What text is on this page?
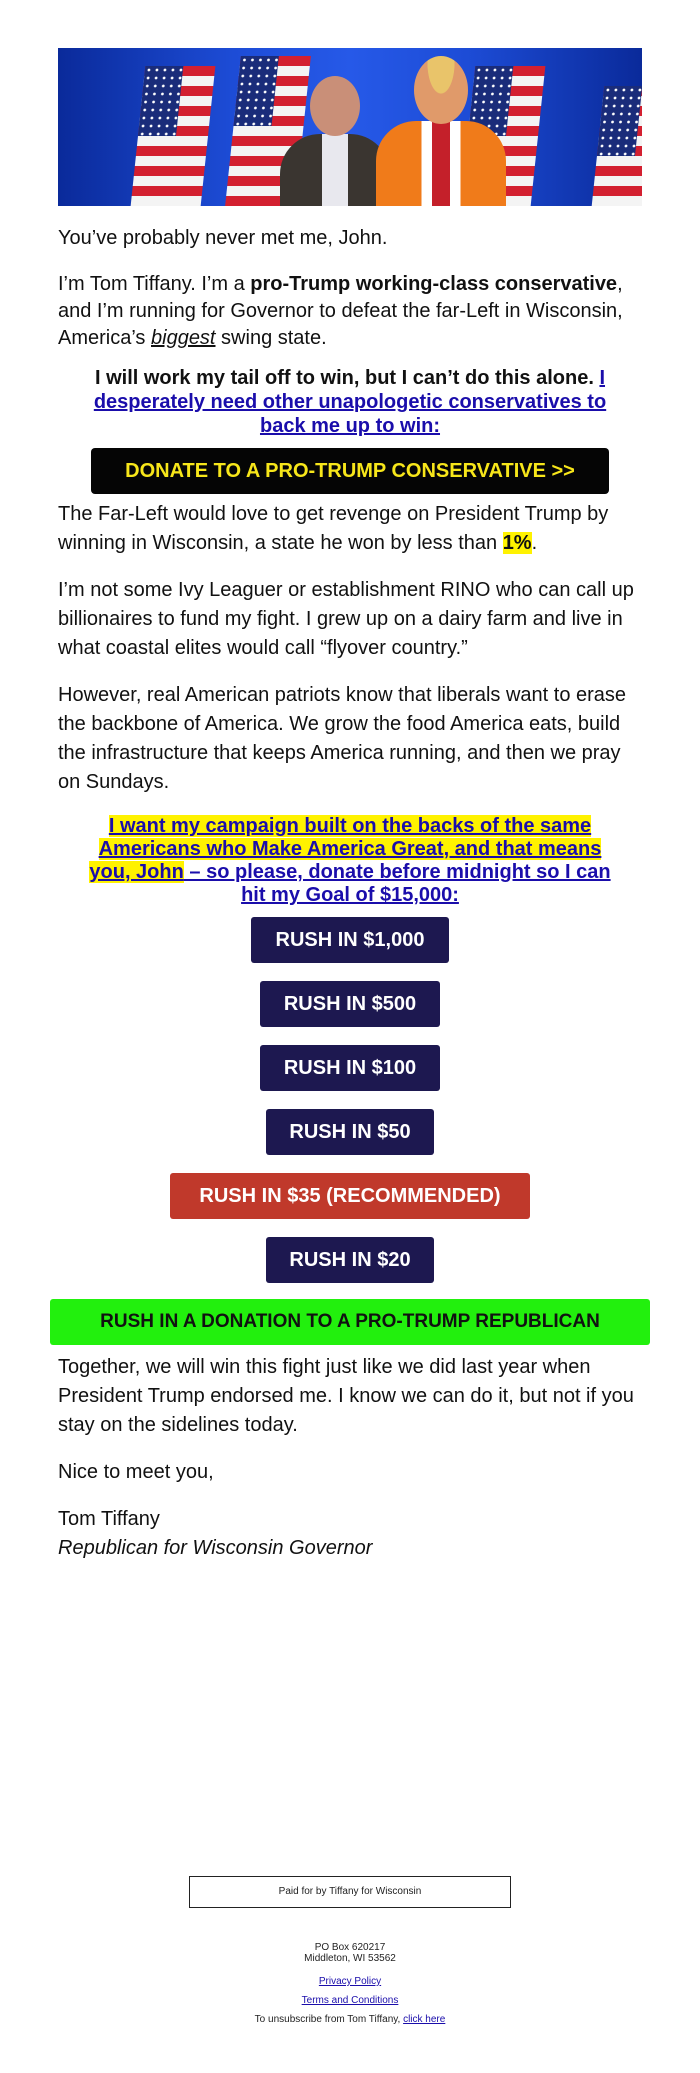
You’ve probably never met me, John.

I’m Tom Tiffany. I’m a pro-Trump working-class conservative, and I’m running for Governor to defeat the far-Left in Wisconsin, America’s biggest swing state.

I will work my tail off to win, but I can’t do this alone. I desperately need other unapologetic conservatives to back me up to win:

DONATE TO A PRO-TRUMP CONSERVATIVE >>

The Far-Left would love to get revenge on President Trump by winning in Wisconsin, a state he won by less than 1%.

I’m not some Ivy Leaguer or establishment RINO who can call up billionaires to fund my fight. I grew up on a dairy farm and live in what coastal elites would call “flyover country.”

However, real American patriots know that liberals want to erase the backbone of America. We grow the food America eats, build the infrastructure that keeps America running, and then we pray on Sundays.

I want my campaign built on the backs of the same Americans who Make America Great, and that means you, John – so please, donate before midnight so I can hit my Goal of $15,000:

RUSH IN $1,000
RUSH IN $500
RUSH IN $100
RUSH IN $50
RUSH IN $35 (RECOMMENDED)
RUSH IN $20
RUSH IN A DONATION TO A PRO-TRUMP REPUBLICAN

Together, we will win this fight just like we did last year when President Trump endorsed me. I know we can do it, but not if you stay on the sidelines today.

Nice to meet you,

Tom Tiffany

Republican for Wisconsin Governor

Paid for by Tiffany for Wisconsin
PO Box 620217
Middleton, WI 53562
Privacy Policy
Terms and Conditions
To unsubscribe from Tom Tiffany, click here
